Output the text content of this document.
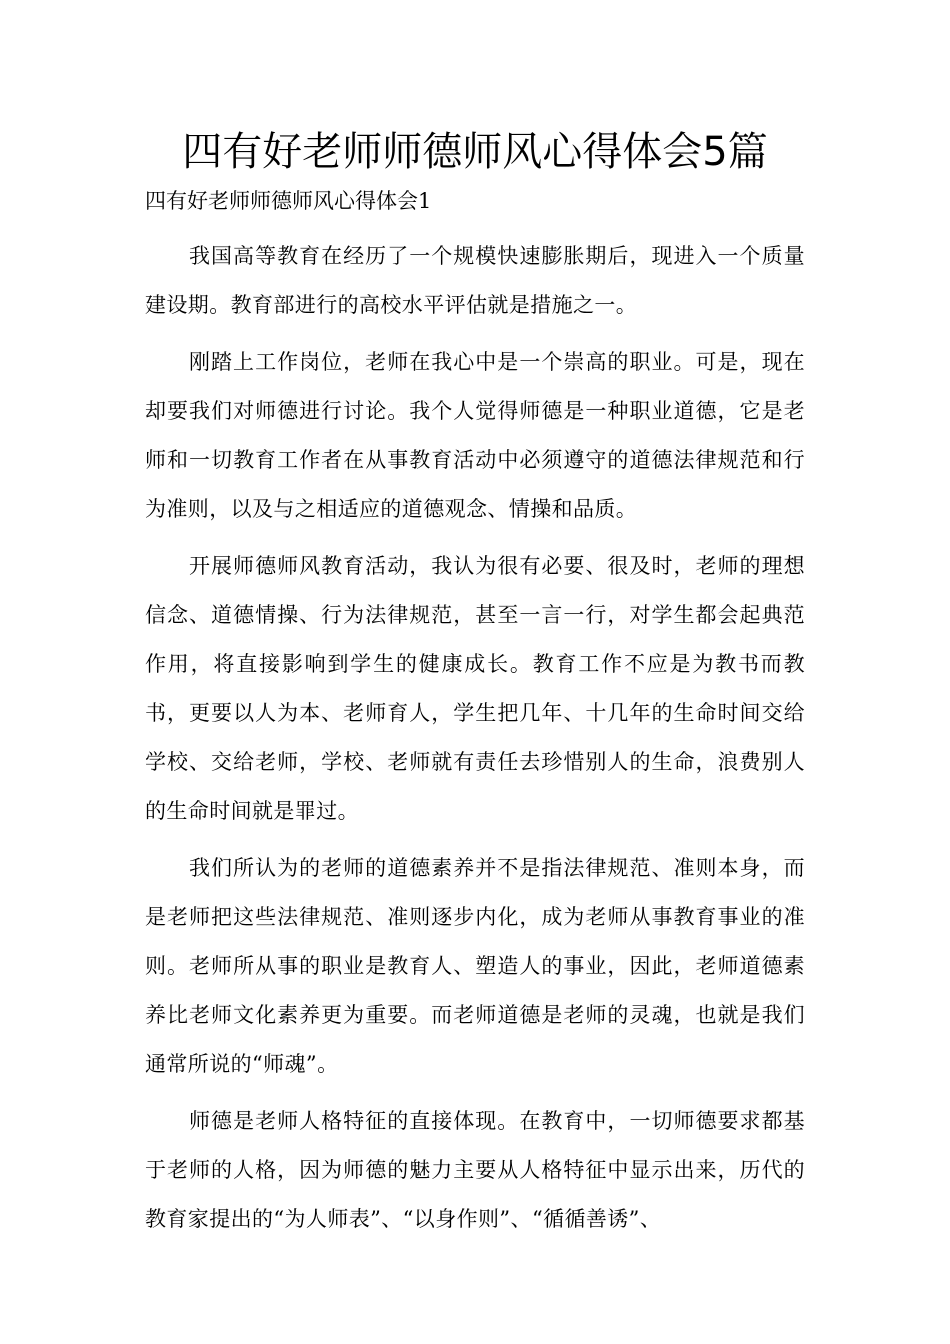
四有好老师师德师风心得体会5篇
四有好老师师德师风心得体会1

我国高等教育在经历了一个规模快速膨胀期后，现进入一个质量建设期。教育部进行的高校水平评估就是措施之一。

刚踏上工作岗位，老师在我心中是一个崇高的职业。可是，现在却要我们对师德进行讨论。我个人觉得师德是一种职业道德，它是老师和一切教育工作者在从事教育活动中必须遵守的道德法律规范和行为准则，以及与之相适应的道德观念、情操和品质。

开展师德师风教育活动，我认为很有必要、很及时，老师的理想信念、道德情操、行为法律规范，甚至一言一行，对学生都会起典范作用，将直接影响到学生的健康成长。教育工作不应是为教书而教书，更要以人为本、老师育人，学生把几年、十几年的生命时间交给学校、交给老师，学校、老师就有责任去珍惜别人的生命，浪费别人的生命时间就是罪过。

我们所认为的老师的道德素养并不是指法律规范、准则本身，而是老师把这些法律规范、准则逐步内化，成为老师从事教育事业的准则。老师所从事的职业是教育人、塑造人的事业，因此，老师道德素养比老师文化素养更为重要。而老师道德是老师的灵魂，也就是我们通常所说的“师魂”。

师德是老师人格特征的直接体现。在教育中，一切师德要求都基于老师的人格，因为师德的魅力主要从人格特征中显示出来，历代的教育家提出的“为人师表”、“以身作则”、“循循善诱”、
